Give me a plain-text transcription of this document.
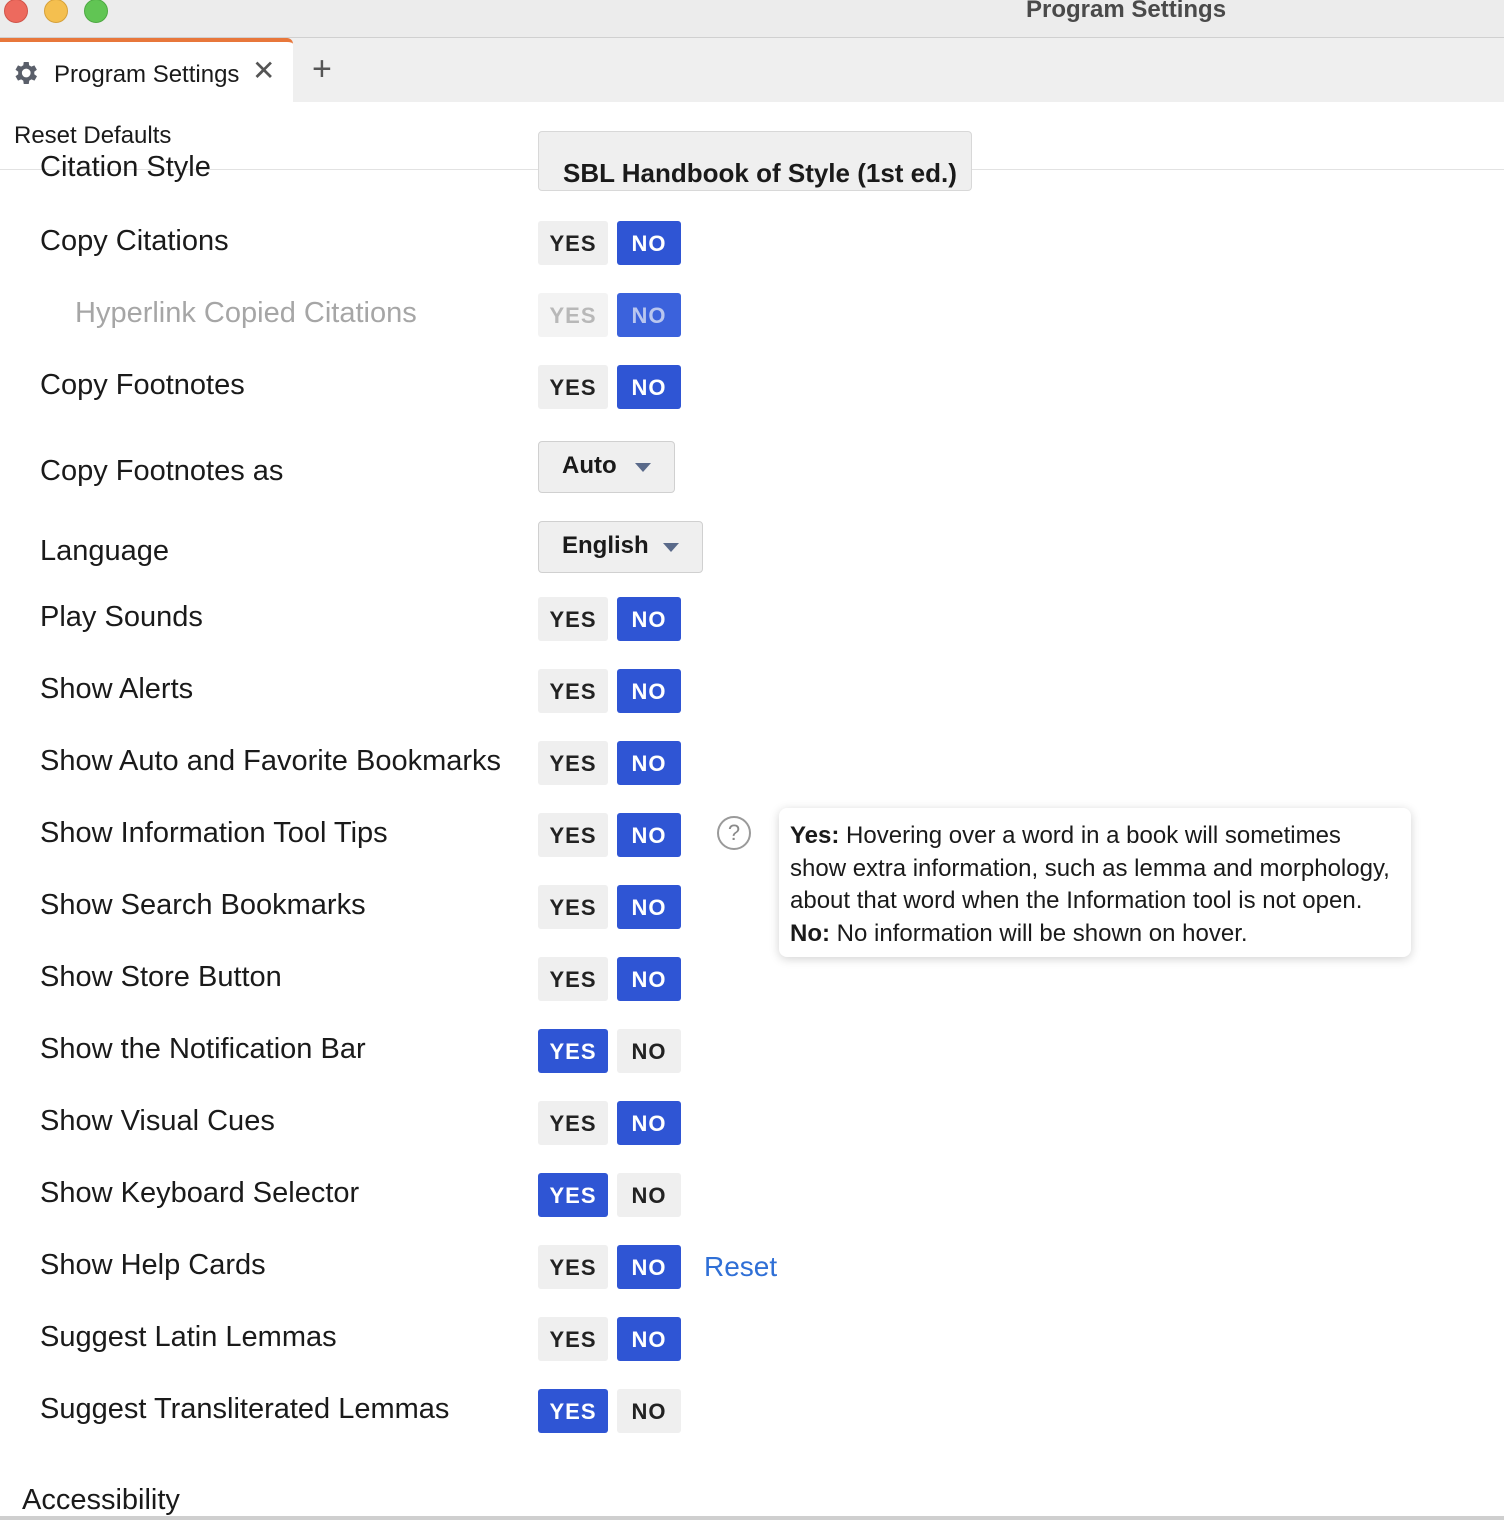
Program Settings
Program Settings ✕ +
Reset Defaults
Citation Style	SBL Handbook of Style (1st ed.)
Copy Citations	YES	NO
Hyperlink Copied Citations	YES	NO
Copy Footnotes	YES	NO
Copy Footnotes as	Auto
Language	English
Play Sounds	YES	NO
Show Alerts	YES	NO
Show Auto and Favorite Bookmarks	YES	NO
Show Information Tool Tips	YES	NO	?
Show Search Bookmarks	YES	NO
Show Store Button	YES	NO
Show the Notification Bar	YES	NO
Show Visual Cues	YES	NO
Show Keyboard Selector	YES	NO
Show Help Cards	YES	NO	Reset
Suggest Latin Lemmas	YES	NO
Suggest Transliterated Lemmas	YES	NO
Accessibility
Yes: Hovering over a word in a book will sometimes show extra information, such as lemma and morphology, about that word when the Information tool is not open.
No: No information will be shown on hover.
